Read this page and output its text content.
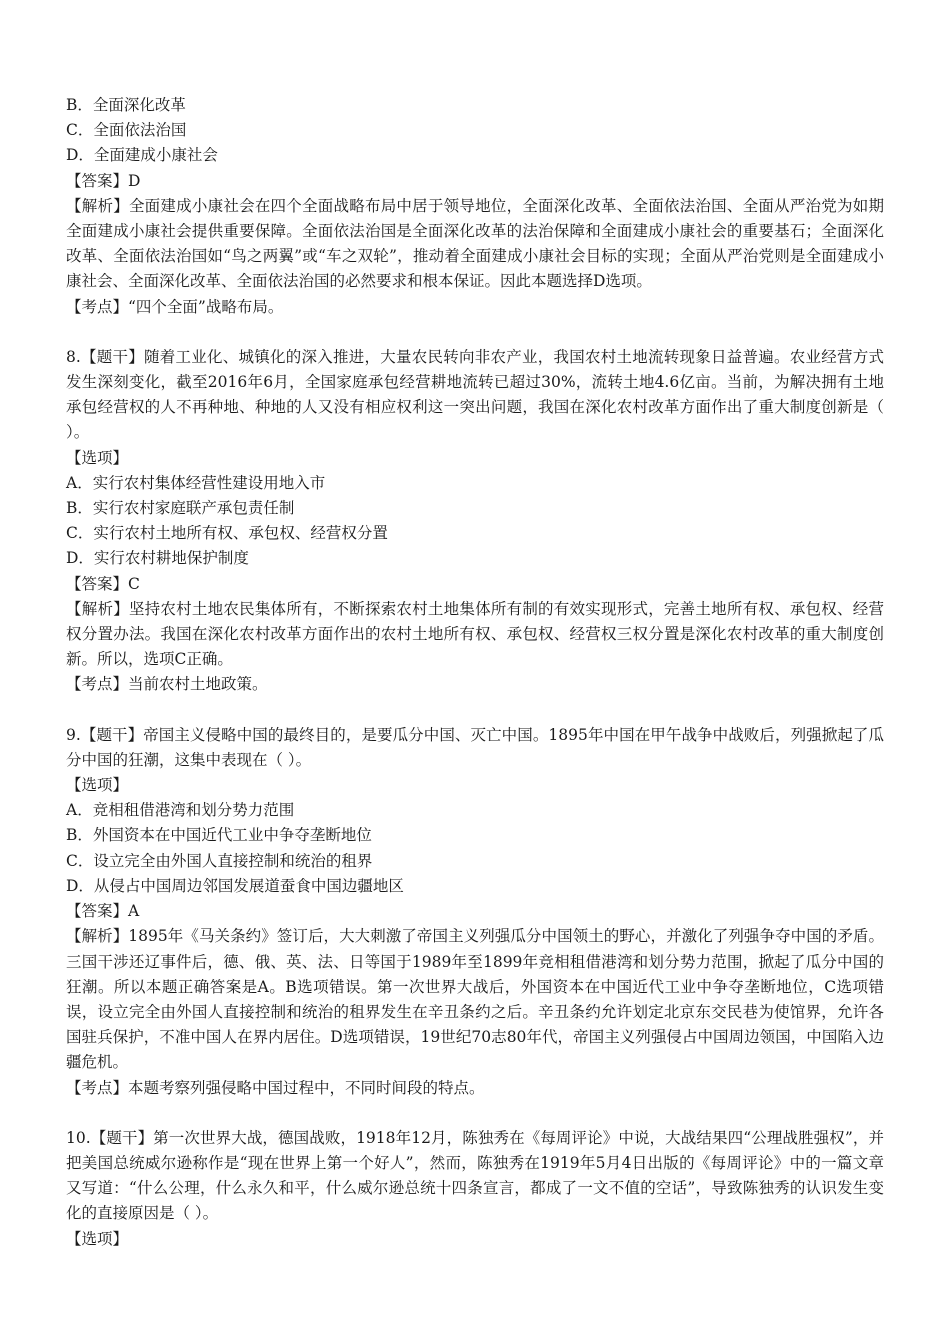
B．全面深化改革
C．全面依法治国
D．全面建成小康社会
【答案】D
【解析】全面建成小康社会在四个全面战略布局中居于领导地位，全面深化改革、全面依法治国、全面从严治党为如期全面建成小康社会提供重要保障。全面依法治国是全面深化改革的法治保障和全面建成小康社会的重要基石；全面深化改革、全面依法治国如“鸟之两翼”或“车之双轮”，推动着全面建成小康社会目标的实现；全面从严治党则是全面建成小康社会、全面深化改革、全面依法治国的必然要求和根本保证。因此本题选择D选项。
【考点】“四个全面”战略布局。
8.【题干】随着工业化、城镇化的深入推进，大量农民转向非农产业，我国农村土地流转现象日益普遍。农业经营方式发生深刻变化，截至2016年6月，全国家庭承包经营耕地流转已超过30%，流转土地4.6亿亩。当前，为解决拥有土地承包经营权的人不再种地、种地的人又没有相应权利这一突出问题，我国在深化农村改革方面作出了重大制度创新是（ ）。
【选项】
A．实行农村集体经营性建设用地入市
B．实行农村家庭联产承包责任制
C．实行农村土地所有权、承包权、经营权分置
D．实行农村耕地保护制度
【答案】C
【解析】坚持农村土地农民集体所有，不断探索农村土地集体所有制的有效实现形式，完善土地所有权、承包权、经营权分置办法。我国在深化农村改革方面作出的农村土地所有权、承包权、经营权三权分置是深化农村改革的重大制度创新。所以，选项C正确。
【考点】当前农村土地政策。
9.【题干】帝国主义侵略中国的最终目的，是要瓜分中国、灭亡中国。1895年中国在甲午战争中战败后，列强掀起了瓜分中国的狂潮，这集中表现在（ ）。
【选项】
A．竞相租借港湾和划分势力范围
B．外国资本在中国近代工业中争夺垄断地位
C．设立完全由外国人直接控制和统治的租界
D．从侵占中国周边邻国发展道蚕食中国边疆地区
【答案】A
【解析】1895年《马关条约》签订后，大大刺激了帝国主义列强瓜分中国领土的野心，并激化了列强争夺中国的矛盾。三国干涉还辽事件后，德、俄、英、法、日等国于1989年至1899年竞相租借港湾和划分势力范围，掀起了瓜分中国的狂潮。所以本题正确答案是A。B选项错误。第一次世界大战后，外国资本在中国近代工业中争夺垄断地位，C选项错误，设立完全由外国人直接控制和统治的租界发生在辛丑条约之后。辛丑条约允许划定北京东交民巷为使馆界，允许各国驻兵保护，不准中国人在界内居住。D选项错误，19世纪70志80年代，帝国主义列强侵占中国周边领国，中国陷入边疆危机。
【考点】本题考察列强侵略中国过程中，不同时间段的特点。
10.【题干】第一次世界大战，德国战败，1918年12月，陈独秀在《每周评论》中说，大战结果四“公理战胜强权”，并把美国总统威尔逊称作是“现在世界上第一个好人”，然而，陈独秀在1919年5月4日出版的《每周评论》中的一篇文章又写道：“什么公理，什么永久和平，什么威尔逊总统十四条宣言，都成了一文不值的空话”，导致陈独秀的认识发生变化的直接原因是（ ）。
【选项】
